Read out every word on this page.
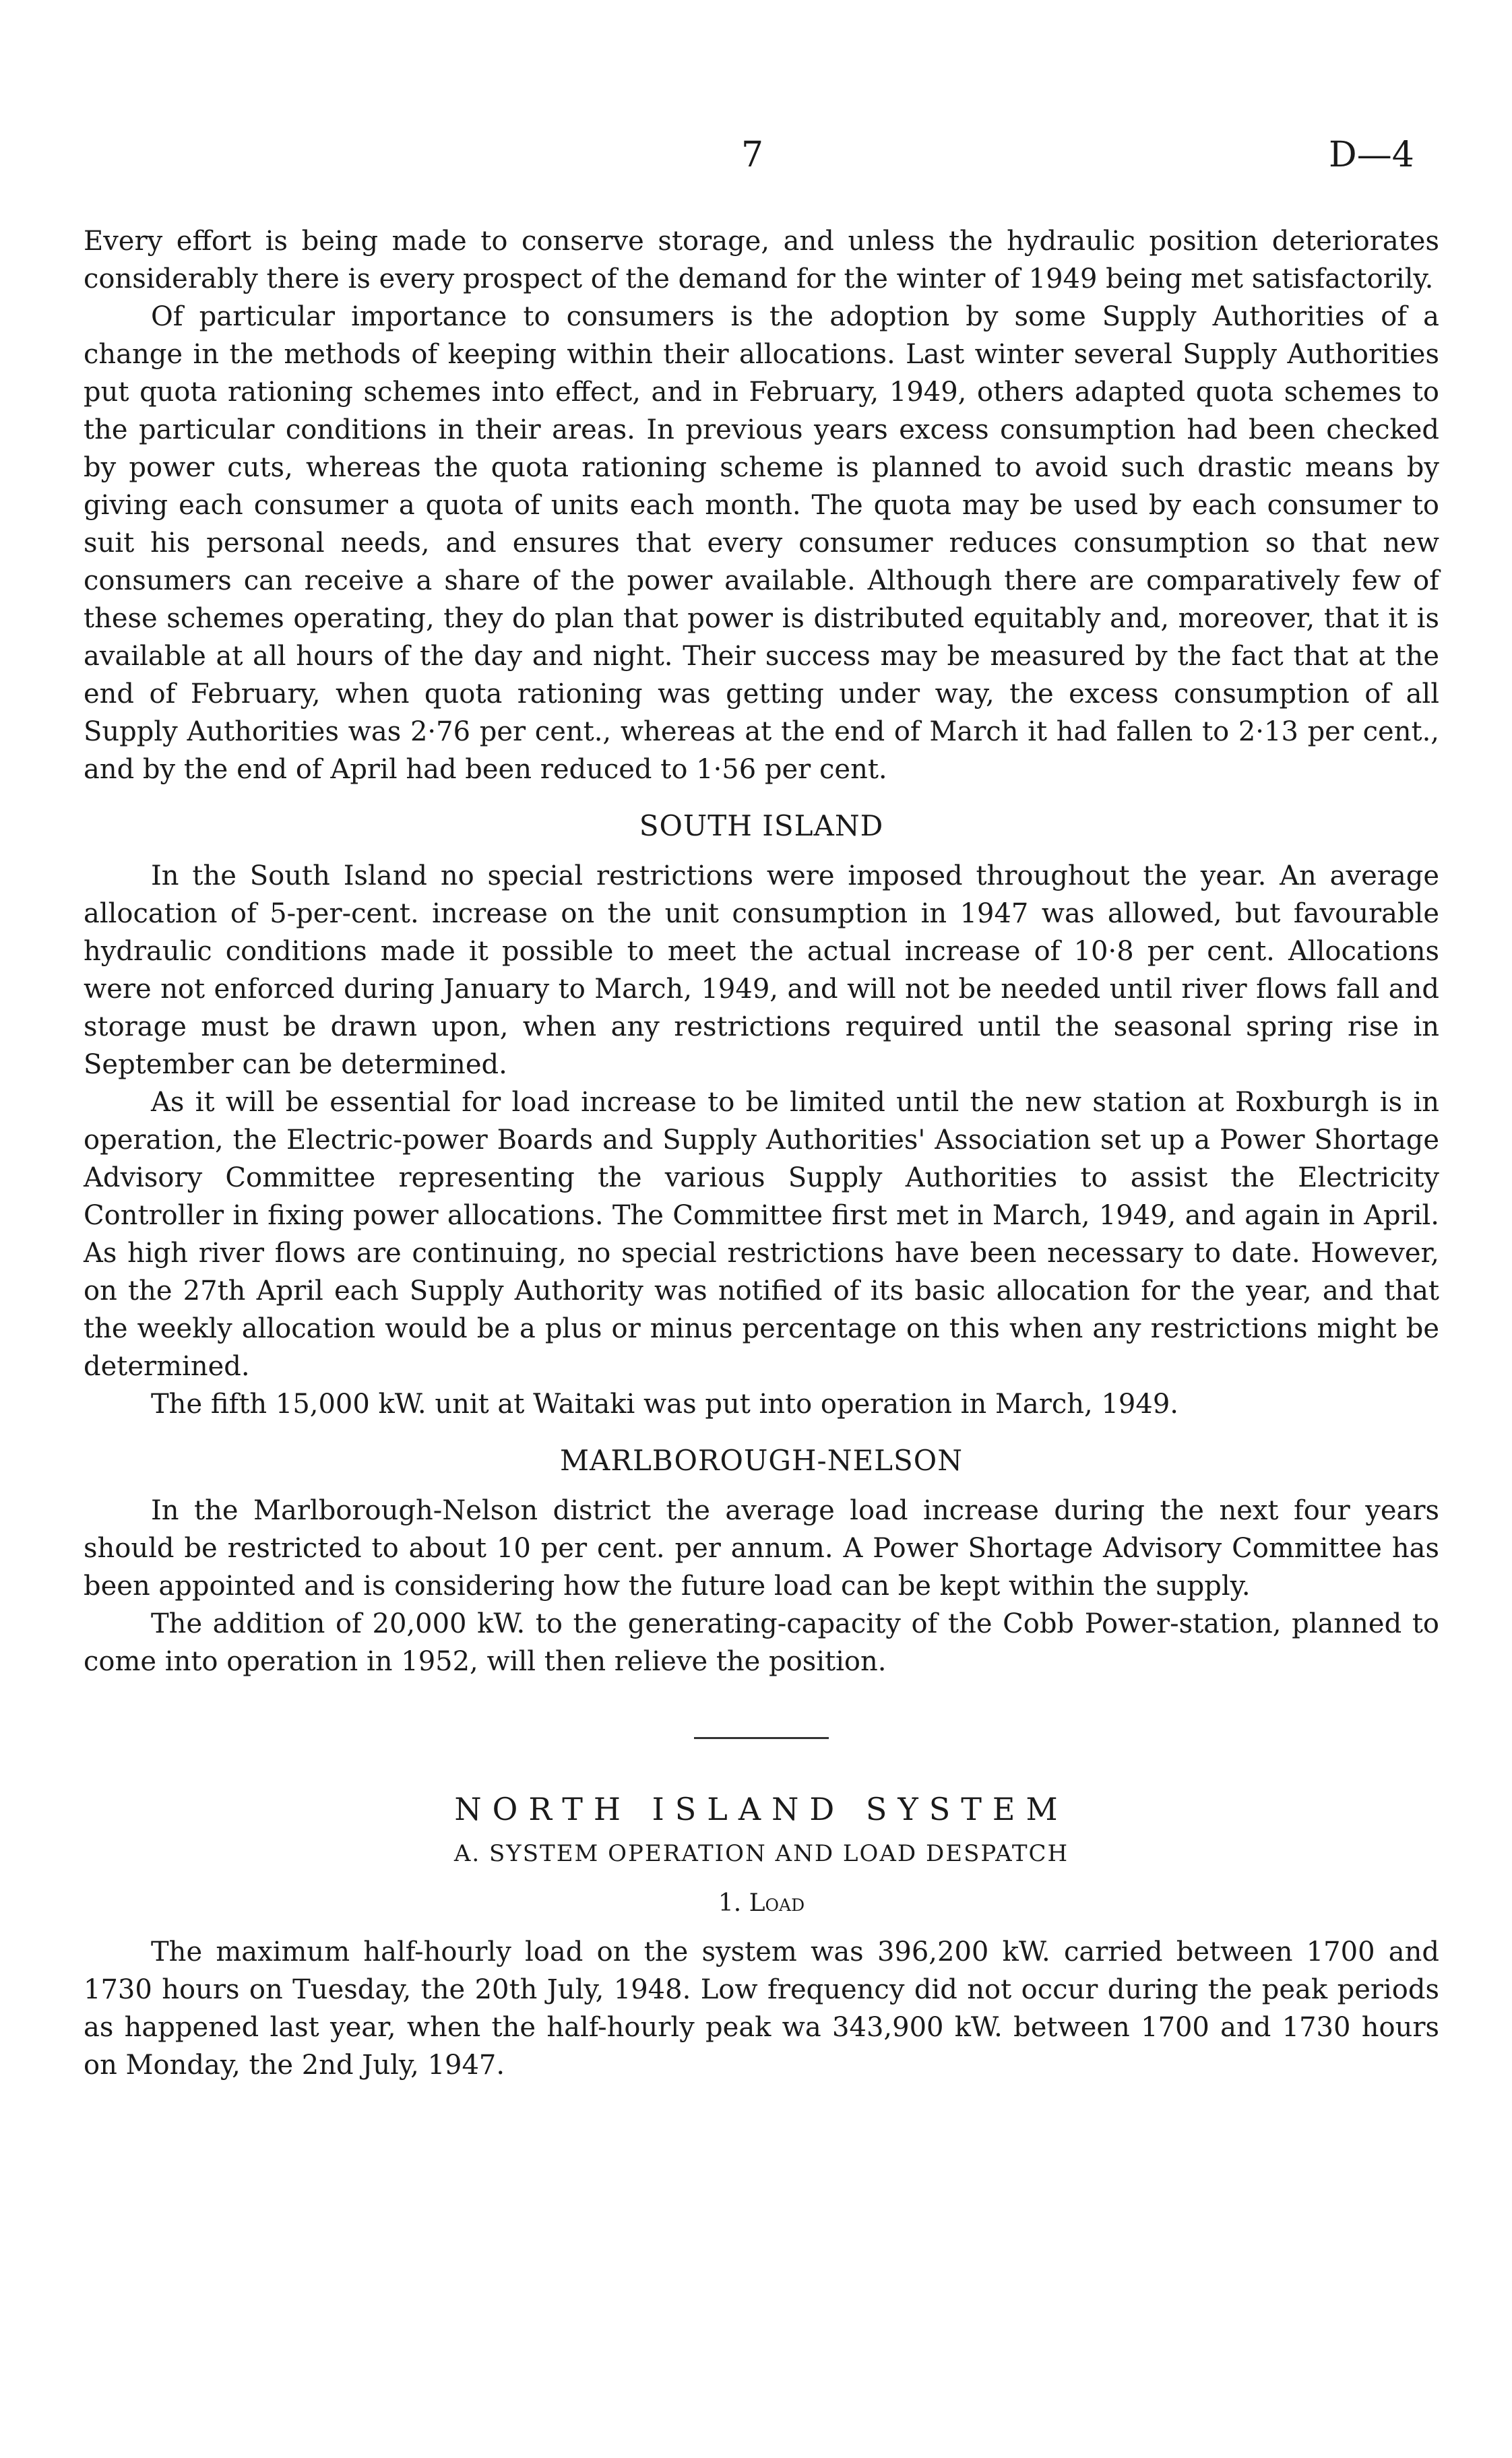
7	D—4

Every effort is being made to conserve storage, and unless the hydraulic position deteriorates considerably there is every prospect of the demand for the winter of 1949 being met satisfactorily.

Of particular importance to consumers is the adoption by some Supply Authorities of a change in the methods of keeping within their allocations. Last winter several Supply Authorities put quota rationing schemes into effect, and in February, 1949, others adapted quota schemes to the particular conditions in their areas. In previous years excess consumption had been checked by power cuts, whereas the quota rationing scheme is planned to avoid such drastic means by giving each consumer a quota of units each month. The quota may be used by each consumer to suit his personal needs, and ensures that every consumer reduces consumption so that new consumers can receive a share of the power available. Although there are comparatively few of these schemes operating, they do plan that power is distributed equitably and, moreover, that it is available at all hours of the day and night. Their success may be measured by the fact that at the end of February, when quota rationing was getting under way, the excess consumption of all Supply Authorities was 2·76 per cent., whereas at the end of March it had fallen to 2·13 per cent., and by the end of April had been reduced to 1·56 per cent.

SOUTH ISLAND

In the South Island no special restrictions were imposed throughout the year. An average allocation of 5-per-cent. increase on the unit consumption in 1947 was allowed, but favourable hydraulic conditions made it possible to meet the actual increase of 10·8 per cent. Allocations were not enforced during January to March, 1949, and will not be needed until river flows fall and storage must be drawn upon, when any restrictions required until the seasonal spring rise in September can be determined.

As it will be essential for load increase to be limited until the new station at Roxburgh is in operation, the Electric-power Boards and Supply Authorities' Association set up a Power Shortage Advisory Committee representing the various Supply Authorities to assist the Electricity Controller in fixing power allocations. The Committee first met in March, 1949, and again in April. As high river flows are continuing, no special restrictions have been necessary to date. However, on the 27th April each Supply Authority was notified of its basic allocation for the year, and that the weekly allocation would be a plus or minus percentage on this when any restrictions might be determined.

The fifth 15,000 kW. unit at Waitaki was put into operation in March, 1949.

MARLBOROUGH-NELSON

In the Marlborough-Nelson district the average load increase during the next four years should be restricted to about 10 per cent. per annum. A Power Shortage Advisory Committee has been appointed and is considering how the future load can be kept within the supply.

The addition of 20,000 kW. to the generating-capacity of the Cobb Power-station, planned to come into operation in 1952, will then relieve the position.

NORTH ISLAND SYSTEM
A. SYSTEM OPERATION AND LOAD DESPATCH
1. Load

The maximum half-hourly load on the system was 396,200 kW. carried between 1700 and 1730 hours on Tuesday, the 20th July, 1948. Low frequency did not occur during the peak periods as happened last year, when the half-hourly peak wa 343,900 kW. between 1700 and 1730 hours on Monday, the 2nd July, 1947.
